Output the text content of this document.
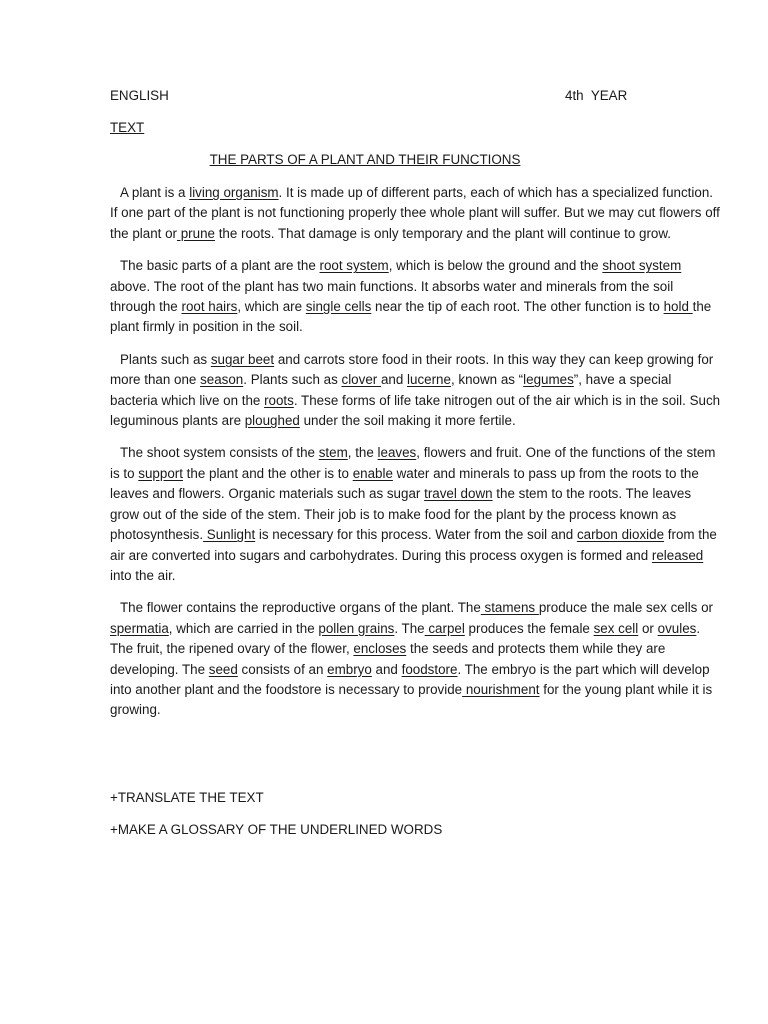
ENGLISH	4th  YEAR
TEXT
THE PARTS OF A PLANT AND THEIR FUNCTIONS

A plant is a living organism. It is made up of different parts, each of which has a specialized function. If one part of the plant is not functioning properly thee whole plant will suffer. But we may cut flowers off the plant or prune the roots. That damage is only temporary and the plant will continue to grow.

The basic parts of a plant are the root system, which is below the ground and the shoot system above. The root of the plant has two main functions. It absorbs water and minerals from the soil through the root hairs, which are single cells near the tip of each root. The other function is to hold the plant firmly in position in the soil.

Plants such as sugar beet and carrots store food in their roots. In this way they can keep growing for more than one season. Plants such as clover and lucerne, known as “legumes”, have a special bacteria which live on the roots. These forms of life take nitrogen out of the air which is in the soil. Such leguminous plants are ploughed under the soil making it more fertile.

The shoot system consists of the stem, the leaves, flowers and fruit. One of the functions of the stem is to support the plant and the other is to enable water and minerals to pass up from the roots to the leaves and flowers. Organic materials such as sugar travel down the stem to the roots. The leaves grow out of the side of the stem. Their job is to make food for the plant by the process known as photosynthesis. Sunlight is necessary for this process. Water from the soil and carbon dioxide from the air are converted into sugars and carbohydrates. During this process oxygen is formed and released into the air.

The flower contains the reproductive organs of the plant. The stamens produce the male sex cells or spermatia, which are carried in the pollen grains. The carpel produces the female sex cell or ovules. The fruit, the ripened ovary of the flower, encloses the seeds and protects them while they are developing. The seed consists of an embryo and foodstore. The embryo is the part which will develop into another plant and the foodstore is necessary to provide nourishment for the young plant while it is growing.

+TRANSLATE THE TEXT
+MAKE A GLOSSARY OF THE UNDERLINED WORDS
